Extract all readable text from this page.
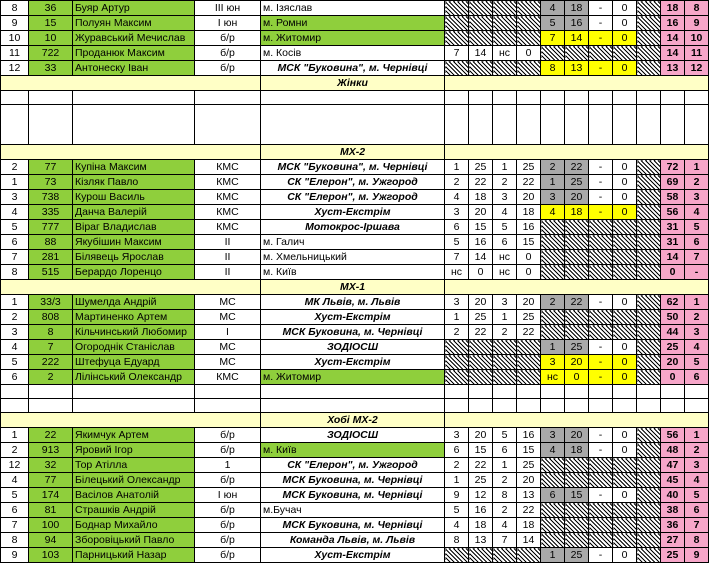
8	36	Буяр Артур	III юн	м. Ізяслав					4	18	-	0		18	8
9	15	Полуян Максим	I юн	м. Ромни					5	16	-	0		16	9
10	10	Журавський Мечислав	б/р	м. Житомир					7	14	-	0		14	10
11	722	Проданюк Максим	б/р	м. Косів	7	14	нс	0						14	11
12	33	Антонеску Іван	б/р	МСК "Буковина", м. Чернівці					8	13	-	0		13	12
				Жінки											

				MX-2											
2	77	Купіна Максим	КМС	МСК "Буковина", м. Чернівці	1	25	1	25	2	22	-	0		72	1
1	73	Кізляк Павло	КМС	СК "Елерон", м. Ужгород	2	22	2	22	1	25	-	0		69	2
3	738	Курош Василь	КМС	СК "Елерон", м. Ужгород	4	18	3	20	3	20	-	0		58	3
4	335	Данча Валерій	КМС	Хуст-Екстрім	3	20	4	18	4	18	-	0		56	4
5	777	Віраг Владислав	КМС	Мотокрос-Іршава	6	15	5	16						31	5
6	88	Якубішин Максим	II	м. Галич	5	16	6	15						31	6
7	281	Білявець Ярослав	II	м. Хмельницький	7	14	нс	0						14	7
8	515	Берардо Лоренцо	II	м. Київ	нс	0	нс	0						0	-
				MX-1											
1	33/3	Шумелда Андрій	МС	МК Львів, м. Львів	3	20	3	20	2	22	-	0		62	1
2	808	Мартиненко Артем	МС	Хуст-Екстрім	1	25	1	25						50	2
3	8	Кільчинський Любомир	I	МСК Буковина, м. Чернівці	2	22	2	22						44	3
4	7	Огороднік Станіслав	МС	ЗОДІОСШ					1	25	-	0		25	4
5	222	Штефуца Едуард	МС	Хуст-Екстрім					3	20	-	0		20	5
6	2	Лілінський Олександр	КМС	м. Житомир					нс	0	-	0		0	6

				Хобі MX-2											
1	22	Якимчук Артем	б/р	ЗОДІОСШ	3	20	5	16	3	20	-	0		56	1
2	913	Яровий Ігор	б/р	м. Київ	6	15	6	15	4	18	-	0		48	2
12	32	Тор Атілла	1	СК "Елерон", м. Ужгород	2	22	1	25						47	3
4	77	Білецький Олександр	б/р	МСК Буковина, м. Чернівці	1	25	2	20						45	4
5	174	Васілов Анатолій	I юн	МСК Буковина, м. Чернівці	9	12	8	13	6	15	-	0		40	5
6	81	Страшків Андрій	б/р	м.Бучач	5	16	2	22						38	6
7	100	Боднар Михайло	б/р	МСК Буковина, м. Чернівці	4	18	4	18						36	7
8	94	Зборовіцький Павло	б/р	Команда Львів, м. Львів	8	13	7	14						27	8
9	103	Парницький Назар	б/р	Хуст-Екстрім					1	25	-	0		25	9
